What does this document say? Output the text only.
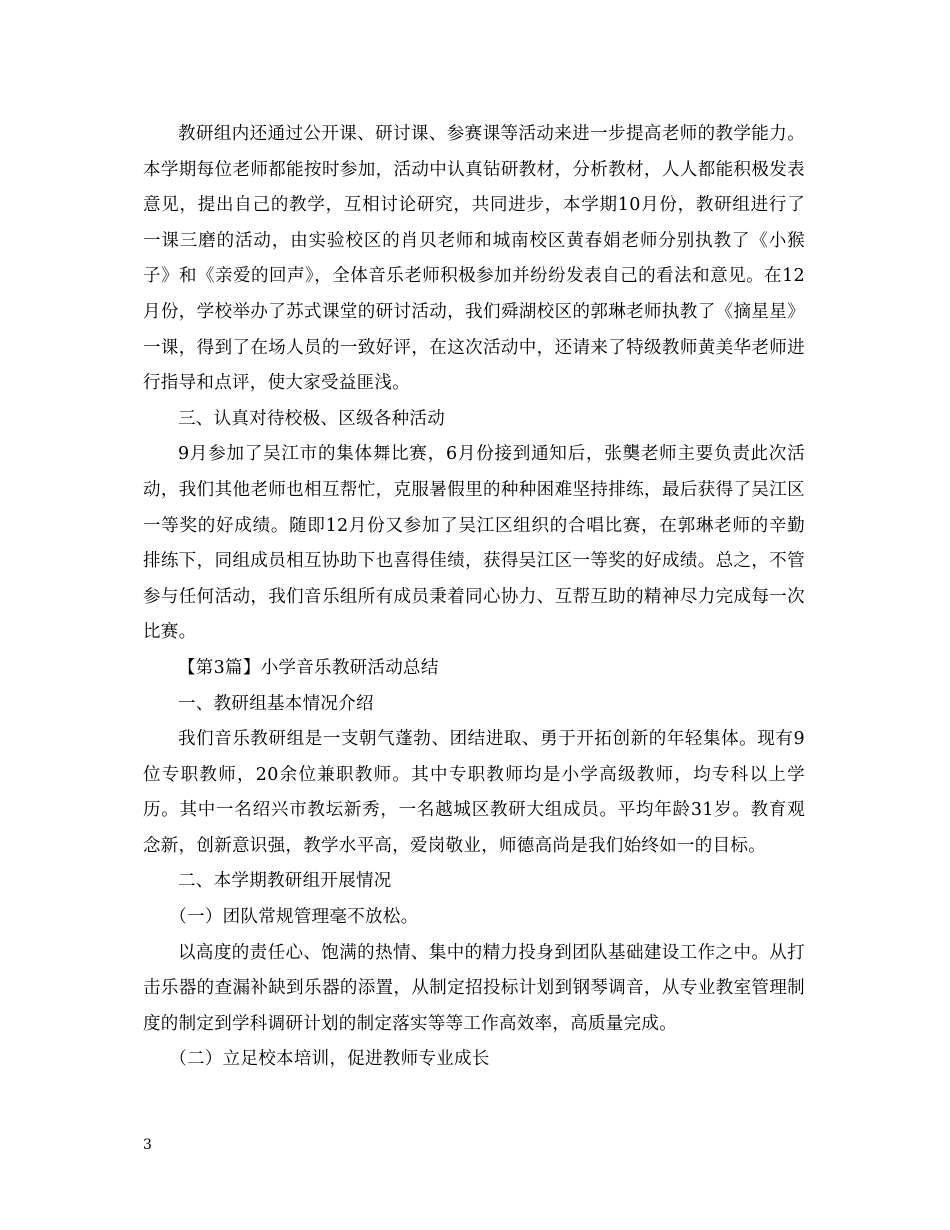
教研组内还通过公开课、研讨课、参赛课等活动来进一步提高老师的教学能力。本学期每位老师都能按时参加，活动中认真钻研教材，分析教材，人人都能积极发表意见，提出自己的教学，互相讨论研究，共同进步，本学期10月份，教研组进行了一课三磨的活动，由实验校区的肖贝老师和城南校区黄春娟老师分别执教了《小猴子》和《亲爱的回声》，全体音乐老师积极参加并纷纷发表自己的看法和意见。在12月份，学校举办了苏式课堂的研讨活动，我们舜湖校区的郭琳老师执教了《摘星星》一课，得到了在场人员的一致好评，在这次活动中，还请来了特级教师黄美华老师进行指导和点评，使大家受益匪浅。

三、认真对待校极、区级各种活动

9月参加了吴江市的集体舞比赛，6月份接到通知后，张龑老师主要负责此次活动，我们其他老师也相互帮忙，克服暑假里的种种困难坚持排练，最后获得了吴江区一等奖的好成绩。随即12月份又参加了吴江区组织的合唱比赛，在郭琳老师的辛勤排练下，同组成员相互协助下也喜得佳绩，获得吴江区一等奖的好成绩。总之，不管参与任何活动，我们音乐组所有成员秉着同心协力、互帮互助的精神尽力完成每一次比赛。

【第3篇】小学音乐教研活动总结

一、教研组基本情况介绍

我们音乐教研组是一支朝气蓬勃、团结进取、勇于开拓创新的年轻集体。现有9位专职教师，20余位兼职教师。其中专职教师均是小学高级教师，均专科以上学历。其中一名绍兴市教坛新秀，一名越城区教研大组成员。平均年龄31岁。教育观念新，创新意识强，教学水平高，爱岗敬业，师德高尚是我们始终如一的目标。

二、本学期教研组开展情况

（一）团队常规管理毫不放松。

以高度的责任心、饱满的热情、集中的精力投身到团队基础建设工作之中。从打击乐器的查漏补缺到乐器的添置，从制定招投标计划到钢琴调音，从专业教室管理制度的制定到学科调研计划的制定落实等等工作高效率，高质量完成。

（二）立足校本培训，促进教师专业成长

3
